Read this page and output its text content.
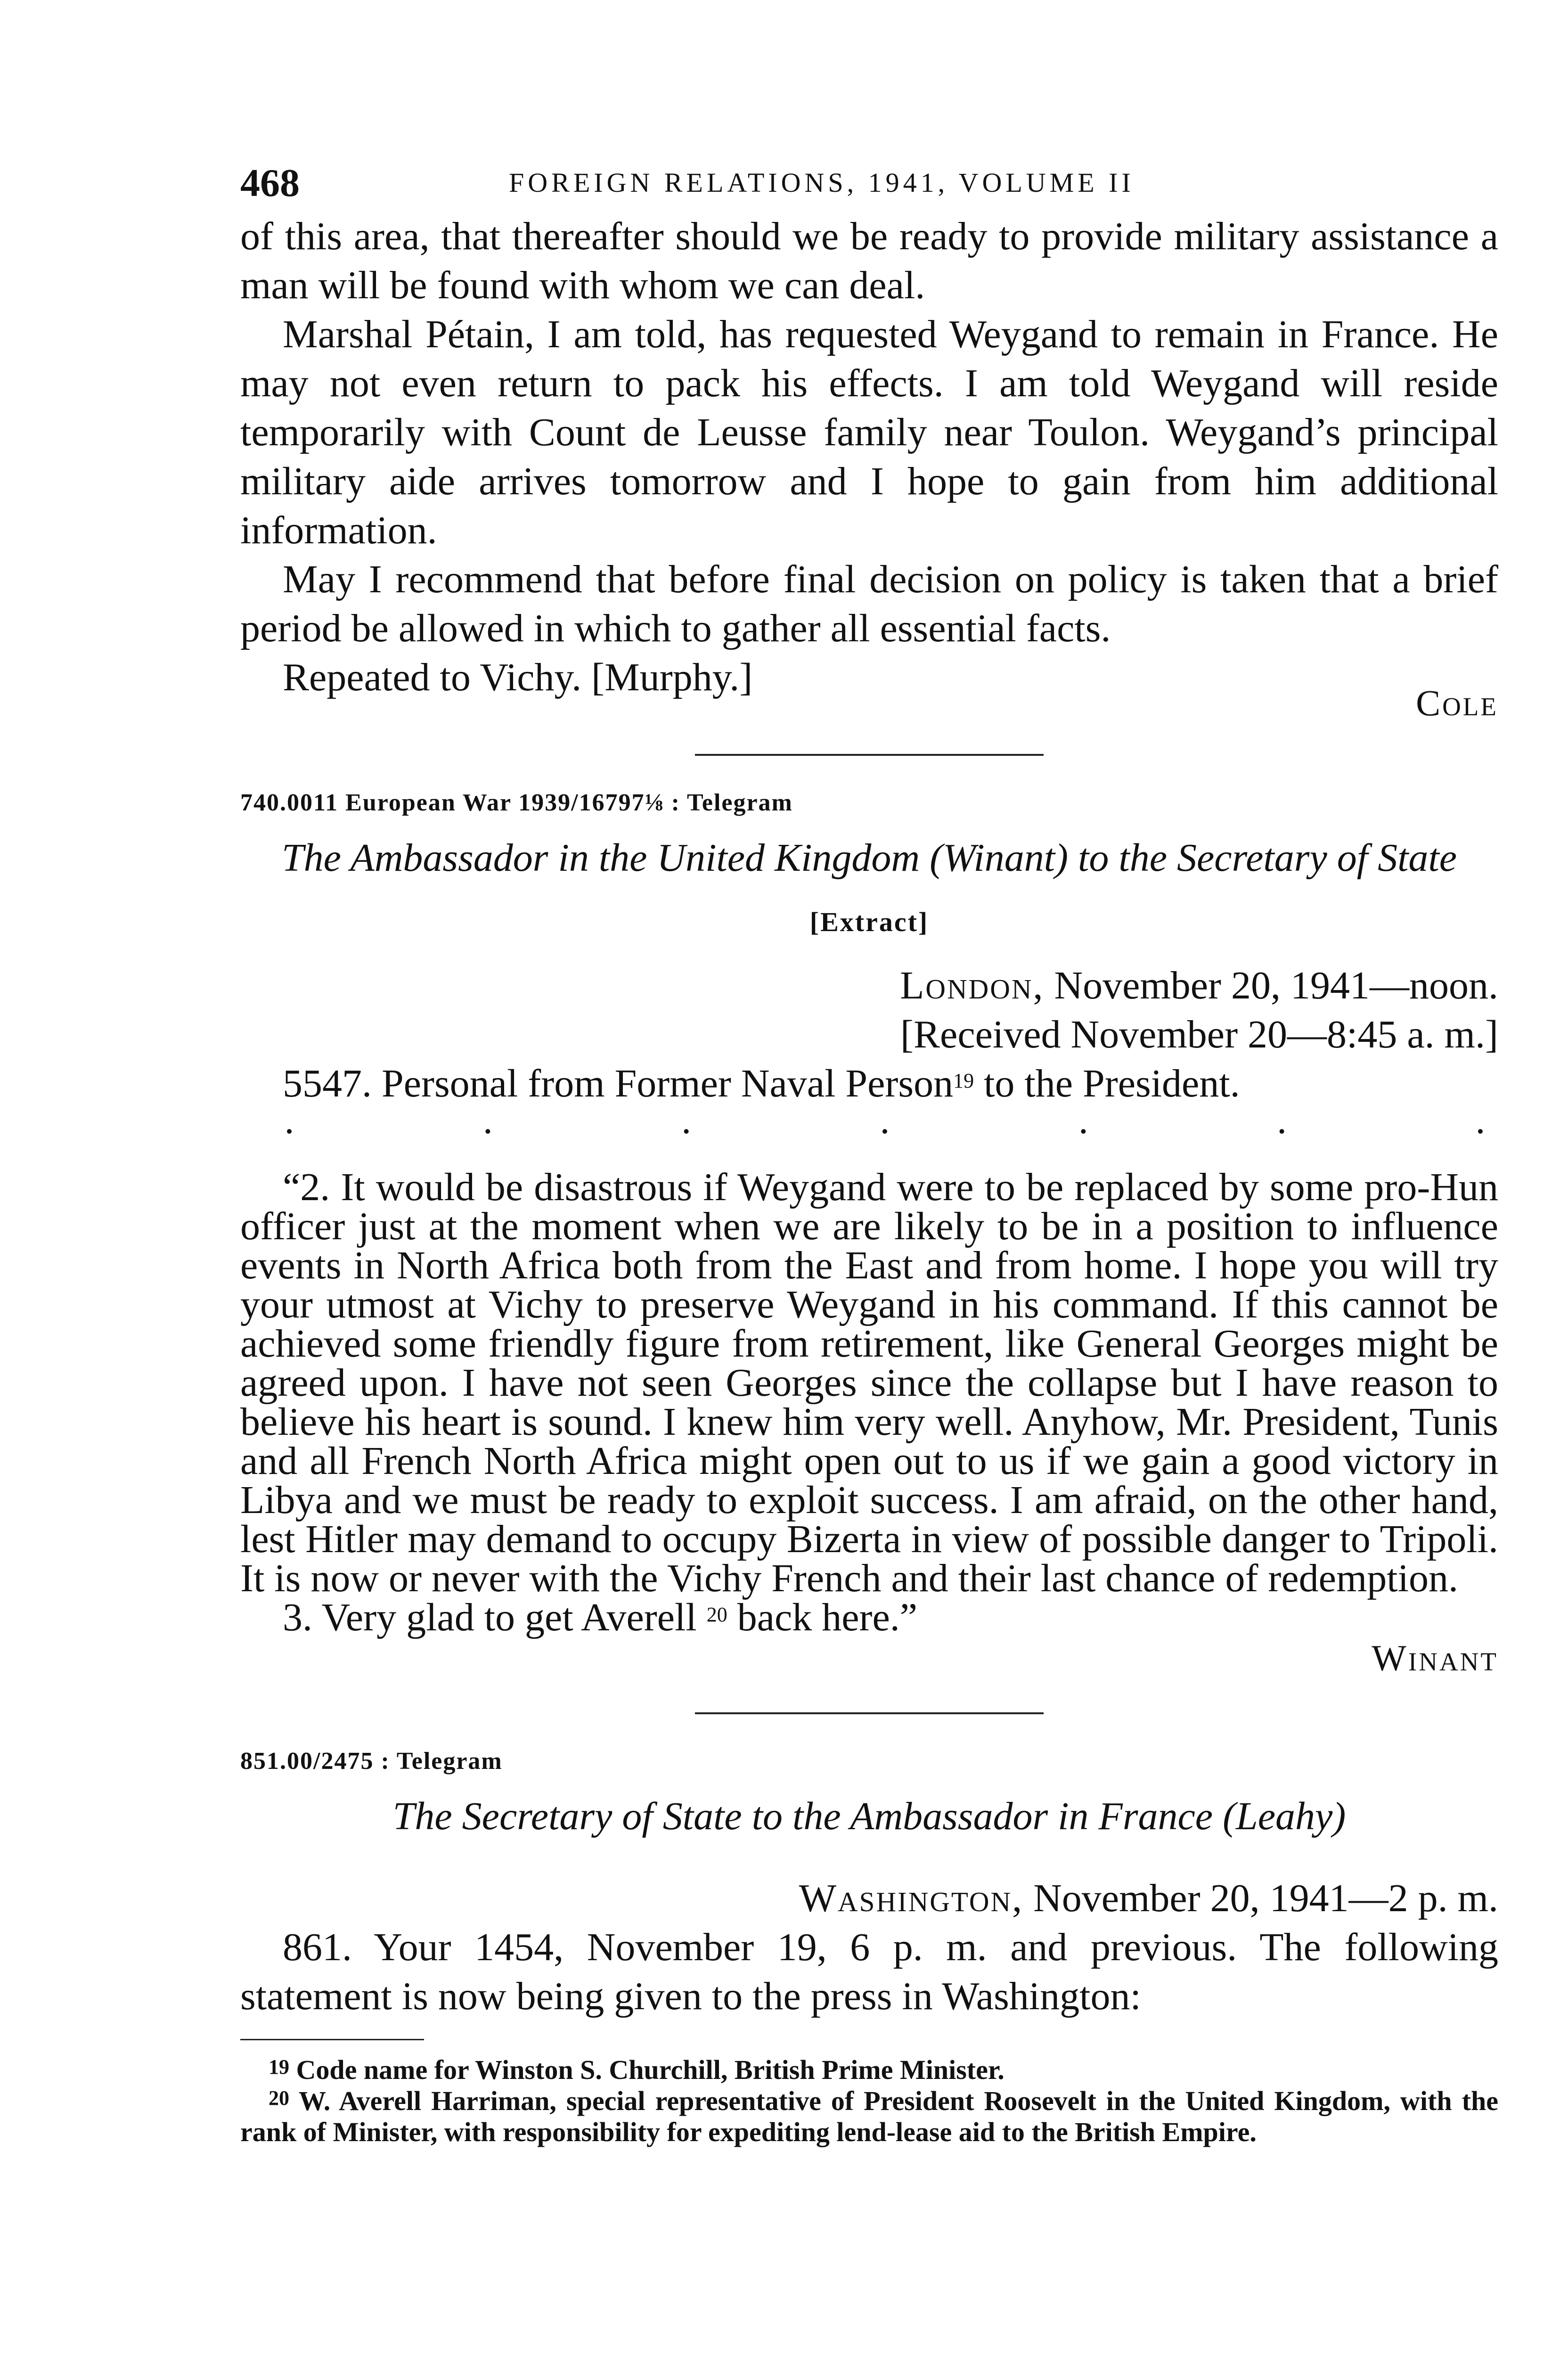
468	FOREIGN RELATIONS, 1941, VOLUME II

of this area, that thereafter should we be ready to provide military assistance a man will be found with whom we can deal.

Marshal Pétain, I am told, has requested Weygand to remain in France. He may not even return to pack his effects. I am told Weygand will reside temporarily with Count de Leusse family near Toulon. Weygand’s principal military aide arrives tomorrow and I hope to gain from him additional information.

May I recommend that before final decision on policy is taken that a brief period be allowed in which to gather all essential facts.

Repeated to Vichy. [Murphy.]
Cole

740.0011 European War 1939/16797⅛ : Telegram
The Ambassador in the United Kingdom (Winant) to the Secretary of State
[Extract]
London, November 20, 1941—noon.
[Received November 20—8:45 a. m.]

5547. Personal from Former Naval Person$^{19}$ to the President.

·	·	·	·	·	·	·

“2. It would be disastrous if Weygand were to be replaced by some pro-Hun officer just at the moment when we are likely to be in a position to influence events in North Africa both from the East and from home. I hope you will try your utmost at Vichy to preserve Weygand in his command. If this cannot be achieved some friendly figure from retirement, like General Georges might be agreed upon. I have not seen Georges since the collapse but I have reason to believe his heart is sound. I knew him very well. Anyhow, Mr. President, Tunis and all French North Africa might open out to us if we gain a good victory in Libya and we must be ready to exploit success. I am afraid, on the other hand, lest Hitler may demand to occupy Bizerta in view of possible danger to Tripoli. It is now or never with the Vichy French and their last chance of redemption.

3. Very glad to get Averell $^{20}$ back here.”

Winant
851.00/2475 : Telegram
The Secretary of State to the Ambassador in France (Leahy)
Washington, November 20, 1941—2 p. m.

861. Your 1454, November 19, 6 p. m. and previous. The following statement is now being given to the press in Washington:

$^{19}$ Code name for Winston S. Churchill, British Prime Minister.

$^{20}$ W. Averell Harriman, special representative of President Roosevelt in the United Kingdom, with the rank of Minister, with responsibility for expediting lend-lease aid to the British Empire.
